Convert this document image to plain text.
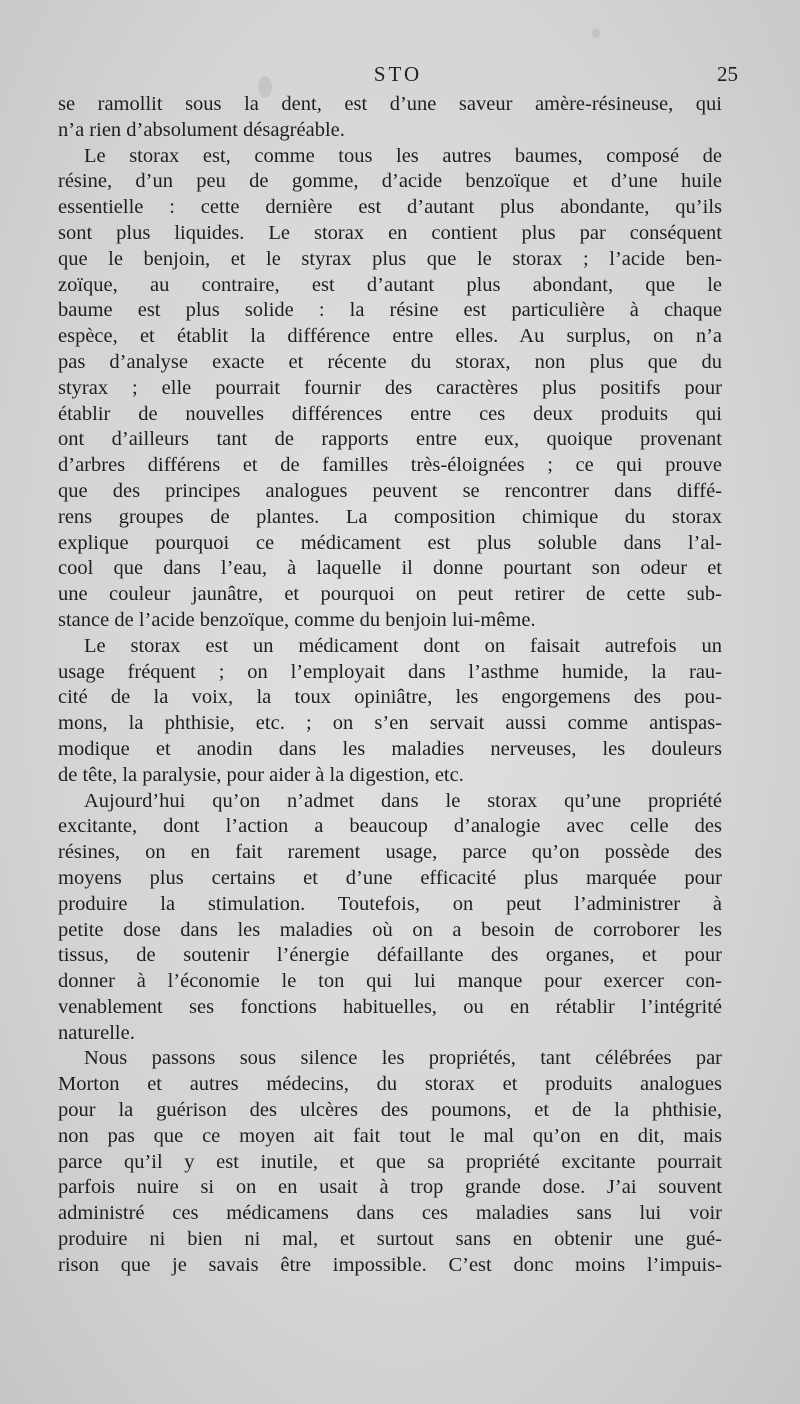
STO	25
se ramollit sous la dent, est d’une saveur amère-résineuse, qui
n’a rien d’absolument désagréable.
Le storax est, comme tous les autres baumes, composé de
résine, d’un peu de gomme, d’acide benzoïque et d’une huile
essentielle : cette dernière est d’autant plus abondante, qu’ils
sont plus liquides. Le storax en contient plus par conséquent
que le benjoin, et le styrax plus que le storax ; l’acide ben-
zoïque, au contraire, est d’autant plus abondant, que le
baume est plus solide : la résine est particulière à chaque
espèce, et établit la différence entre elles. Au surplus, on n’a
pas d’analyse exacte et récente du storax, non plus que du
styrax ; elle pourrait fournir des caractères plus positifs pour
établir de nouvelles différences entre ces deux produits qui
ont d’ailleurs tant de rapports entre eux, quoique provenant
d’arbres différens et de familles très-éloignées ; ce qui prouve
que des principes analogues peuvent se rencontrer dans diffé-
rens groupes de plantes. La composition chimique du storax
explique pourquoi ce médicament est plus soluble dans l’al-
cool que dans l’eau, à laquelle il donne pourtant son odeur et
une couleur jaunâtre, et pourquoi on peut retirer de cette sub-
stance de l’acide benzoïque, comme du benjoin lui-même.
Le storax est un médicament dont on faisait autrefois un
usage fréquent ; on l’employait dans l’asthme humide, la rau-
cité de la voix, la toux opiniâtre, les engorgemens des pou-
mons, la phthisie, etc. ; on s’en servait aussi comme antispas-
modique et anodin dans les maladies nerveuses, les douleurs
de tête, la paralysie, pour aider à la digestion, etc.
Aujourd’hui qu’on n’admet dans le storax qu’une propriété
excitante, dont l’action a beaucoup d’analogie avec celle des
résines, on en fait rarement usage, parce qu’on possède des
moyens plus certains et d’une efficacité plus marquée pour
produire la stimulation. Toutefois, on peut l’administrer à
petite dose dans les maladies où on a besoin de corroborer les
tissus, de soutenir l’énergie défaillante des organes, et pour
donner à l’économie le ton qui lui manque pour exercer con-
venablement ses fonctions habituelles, ou en rétablir l’intégrité
naturelle.
Nous passons sous silence les propriétés, tant célébrées par
Morton et autres médecins, du storax et produits analogues
pour la guérison des ulcères des poumons, et de la phthisie,
non pas que ce moyen ait fait tout le mal qu’on en dit, mais
parce qu’il y est inutile, et que sa propriété excitante pourrait
parfois nuire si on en usait à trop grande dose. J’ai souvent
administré ces médicamens dans ces maladies sans lui voir
produire ni bien ni mal, et surtout sans en obtenir une gué-
rison que je savais être impossible. C’est donc moins l’impuis-
